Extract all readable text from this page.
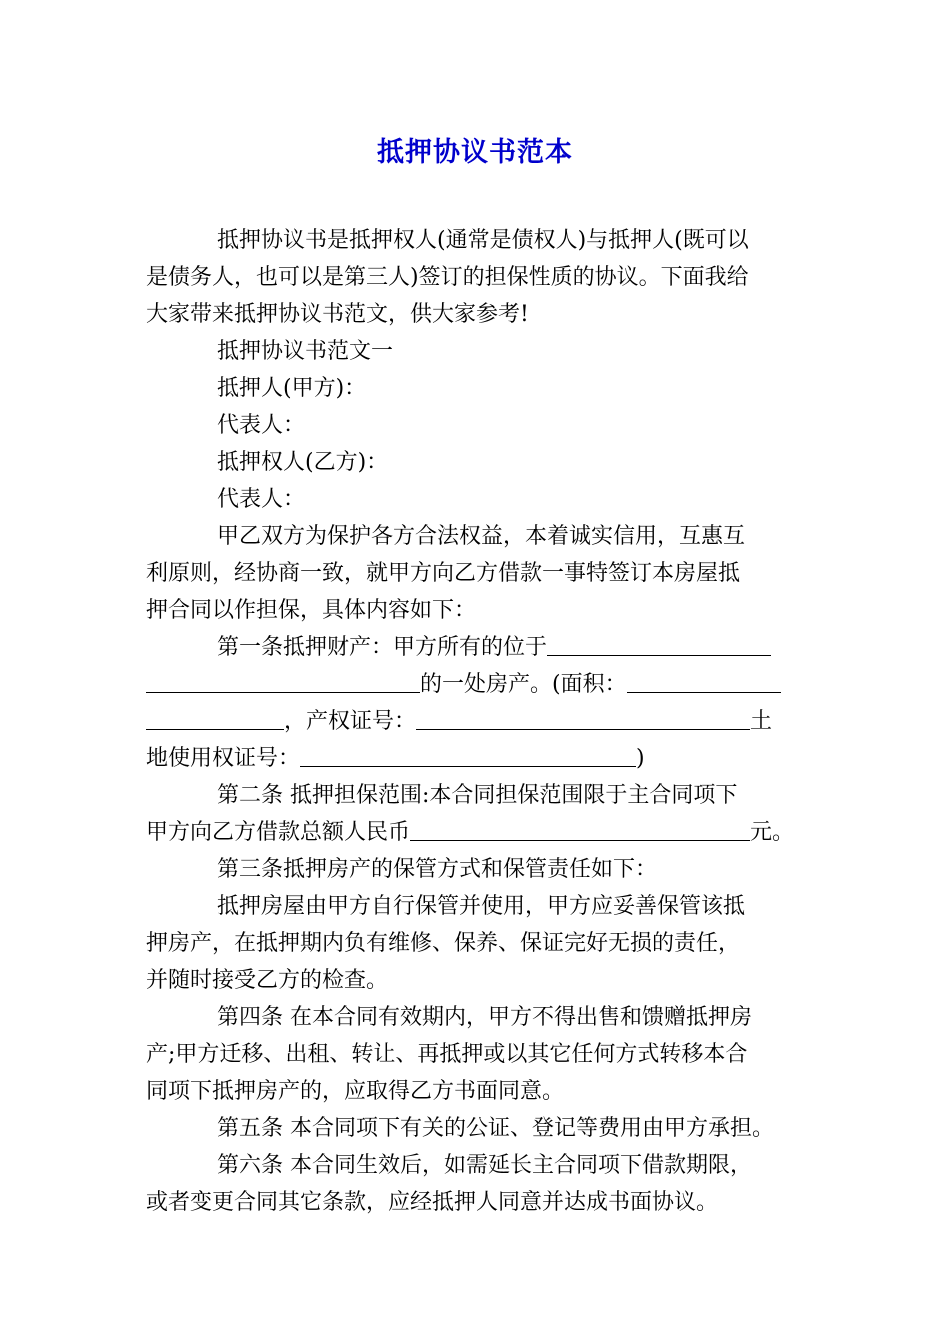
抵押协议书范本
抵押协议书是抵押权人(通常是债权人)与抵押人(既可以
是债务人，也可以是第三人)签订的担保性质的协议。下面我给
大家带来抵押协议书范文，供大家参考!
抵押协议书范文一
抵押人(甲方)：
代表人：
抵押权人(乙方)：
代表人：
甲乙双方为保护各方合法权益，本着诚实信用，互惠互
利原则，经协商一致，就甲方向乙方借款一事特签订本房屋抵
押合同以作担保，具体内容如下：
第一条抵押财产：甲方所有的位于
的一处房产。(面积：
，产权证号：	土
地使用权证号：	)
第二条 抵押担保范围:本合同担保范围限于主合同项下
甲方向乙方借款总额人民币	元。
第三条抵押房产的保管方式和保管责任如下：
抵押房屋由甲方自行保管并使用，甲方应妥善保管该抵
押房产，在抵押期内负有维修、保养、保证完好无损的责任，
并随时接受乙方的检查。
第四条 在本合同有效期内，甲方不得出售和馈赠抵押房
产;甲方迁移、出租、转让、再抵押或以其它任何方式转移本合
同项下抵押房产的，应取得乙方书面同意。
第五条 本合同项下有关的公证、登记等费用由甲方承担。
第六条 本合同生效后，如需延长主合同项下借款期限，
或者变更合同其它条款，应经抵押人同意并达成书面协议。
